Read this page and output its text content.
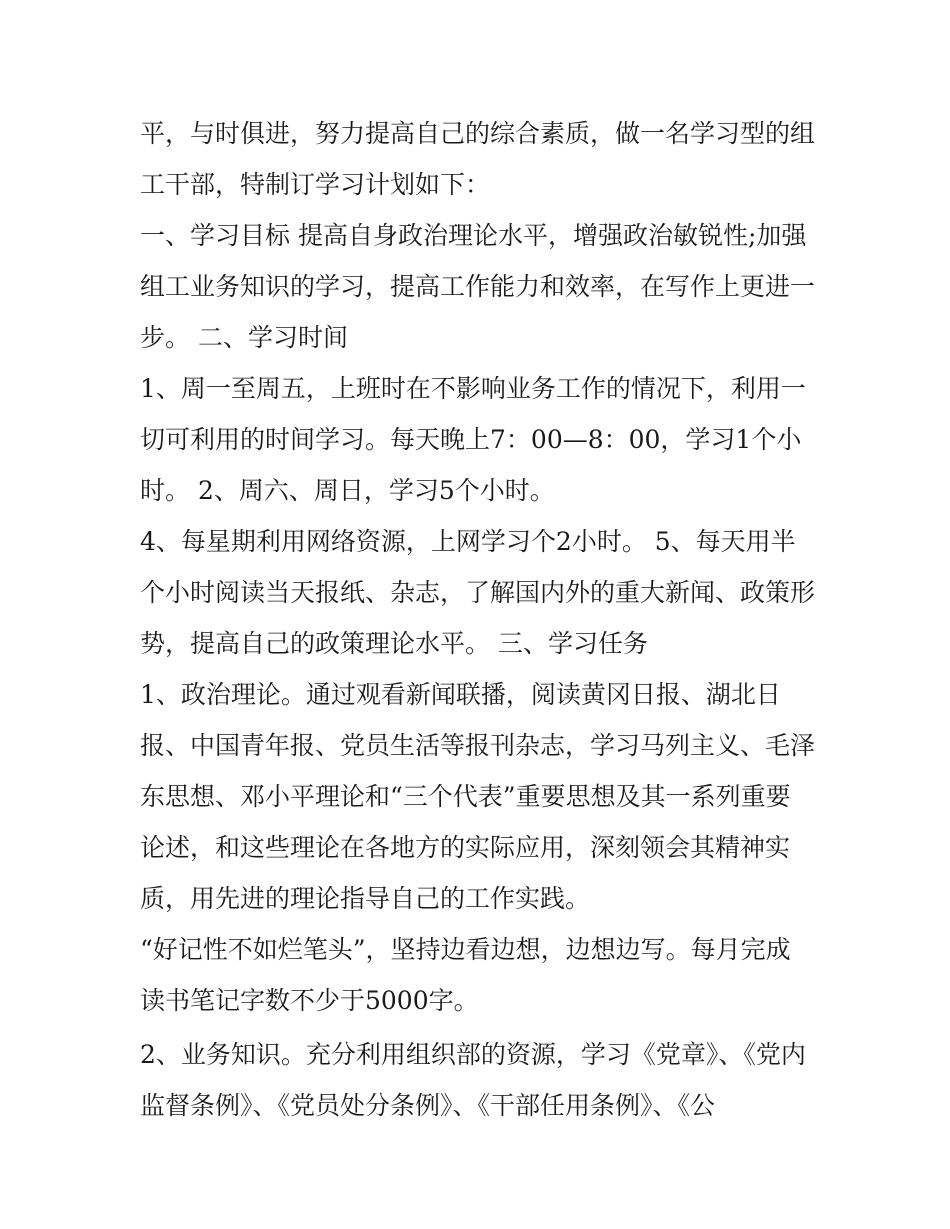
平，与时俱进，努力提高自己的综合素质，做一名学习型的组工干部，特制订学习计划如下：

一、学习目标 提高自身政治理论水平，增强政治敏锐性;加强组工业务知识的学习，提高工作能力和效率，在写作上更进一步。 二、学习时间

1、周一至周五，上班时在不影响业务工作的情况下，利用一切可利用的时间学习。每天晚上7：00—8：00，学习1个小时。 2、周六、周日，学习5个小时。

4、每星期利用网络资源，上网学习个2小时。 5、每天用半个小时阅读当天报纸、杂志，了解国内外的重大新闻、政策形势，提高自己的政策理论水平。 三、学习任务

1、政治理论。通过观看新闻联播，阅读黄冈日报、湖北日报、中国青年报、党员生活等报刊杂志，学习马列主义、毛泽东思想、邓小平理论和“三个代表”重要思想及其一系列重要论述，和这些理论在各地方的实际应用，深刻领会其精神实质，用先进的理论指导自己的工作实践。

“好记性不如烂笔头”，坚持边看边想，边想边写。每月完成读书笔记字数不少于5000字。

2、业务知识。充分利用组织部的资源，学习《党章》、《党内监督条例》、《党员处分条例》、《干部任用条例》、《公
